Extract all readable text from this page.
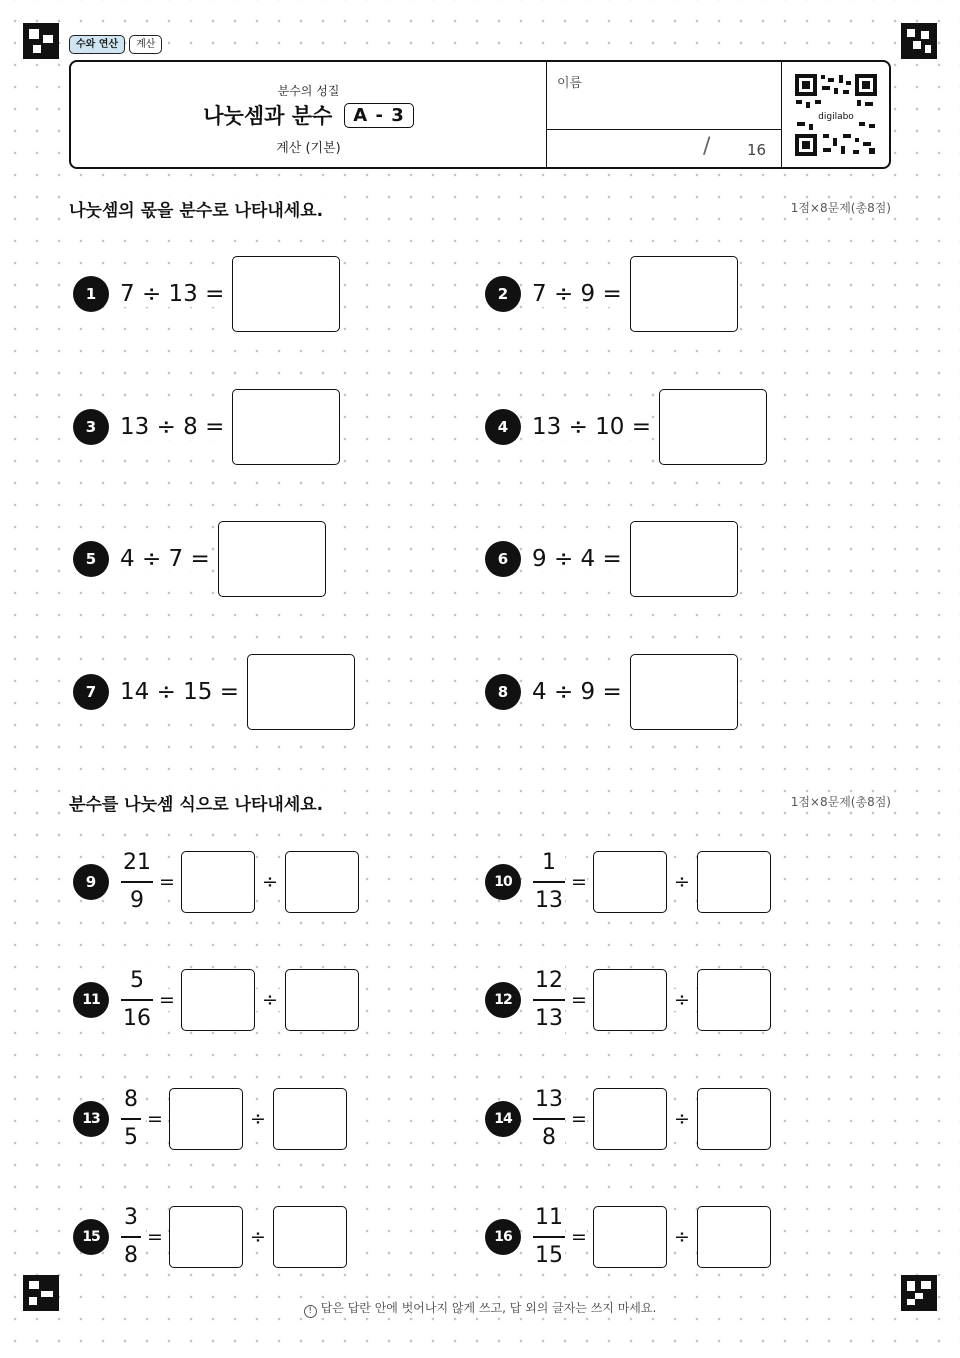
수와 연산	계산
분수의 성질
나눗셈과 분수	A - 3
계산 (기본)
이름
/ 16
digilabo
나눗셈의 몫을 분수로 나타내세요.	1점×8문제(총8점)
1	7 ÷ 13 =	2	7 ÷ 9 =
3	13 ÷ 8 =	4	13 ÷ 10 =
5	4 ÷ 7 =	6	9 ÷ 4 =
7	14 ÷ 15 =	8	4 ÷ 9 =
분수를 나눗셈 식으로 나타내세요.	1점×8문제(총8점)
9	$\frac{21}{9}$ =	÷	$10 \frac{1}{13}$ =	÷
$11 \frac{5}{16}$ =	÷	$12 \frac{12}{13}$ =	÷
$13 \frac{8}{5}$ =	÷	$14 \frac{13}{8}$ =	÷
$15 \frac{3}{8}$ =	÷	$16 \frac{11}{15}$ =	÷
! 답은 답란 안에 벗어나지 않게 쓰고, 답 외의 글자는 쓰지 마세요.
